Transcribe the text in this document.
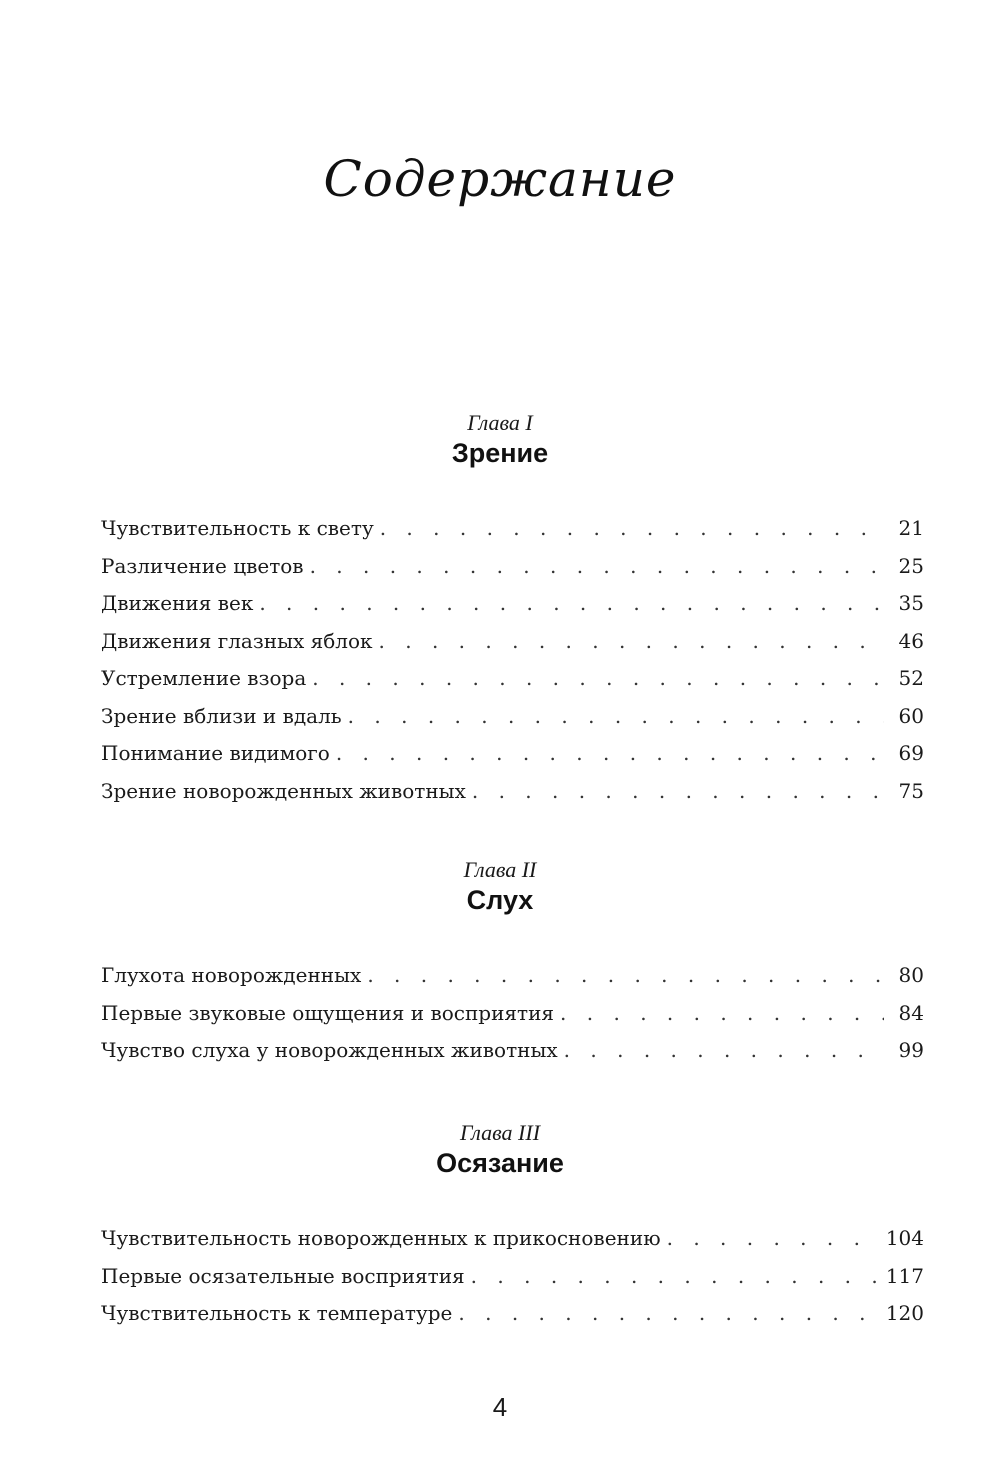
Содержание
Глава I
Зрение
Чувствительность к свету . . .	21
Различение цветов . . .	25
Движения век . . .	35
Движения глазных яблок . . .	46
Устремление взора . . .	52
Зрение вблизи и вдаль . . .	60
Понимание видимого . . .	69
Зрение новорожденных животных . . .	75
Глава II
Слух
Глухота новорожденных . . .	80
Первые звуковые ощущения и восприятия . . .	84
Чувство слуха у новорожденных животных . . .	99
Глава III
Осязание
Чувствительность новорожденных к прикосновению . . .	104
Первые осязательные восприятия . . .	117
Чувствительность к температуре . . .	120
4
